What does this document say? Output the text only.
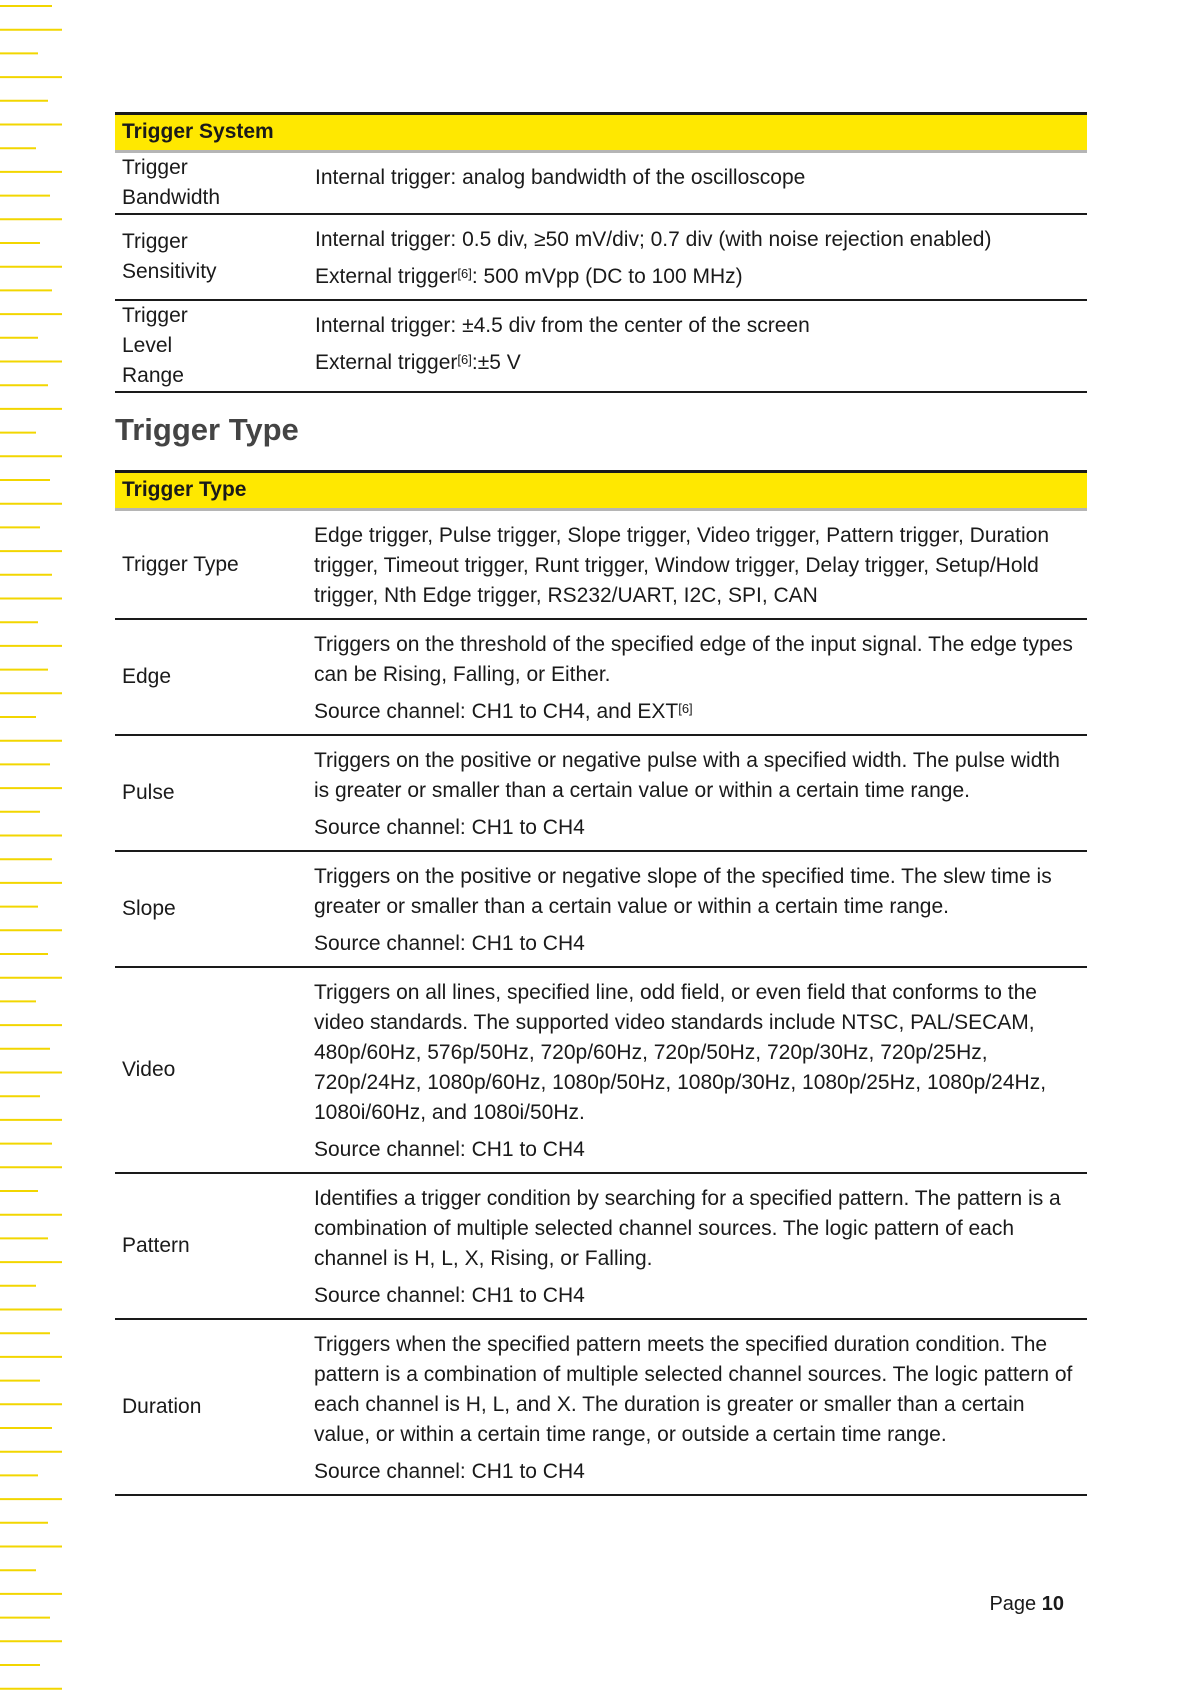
Trigger System
Trigger Bandwidth

Internal trigger: analog bandwidth of the oscilloscope

Trigger Sensitivity

Internal trigger: 0.5 div, ≥50 mV/div; 0.7 div (with noise rejection enabled)

External trigger[6]: 500 mVpp (DC to 100 MHz)

Trigger Level Range

Internal trigger: ±4.5 div from the center of the screen

External trigger[6]:±5 V

Trigger Type
Trigger Type
Trigger Type

Edge trigger, Pulse trigger, Slope trigger, Video trigger, Pattern trigger, Duration trigger, Timeout trigger, Runt trigger, Window trigger, Delay trigger, Setup/Hold trigger, Nth Edge trigger, RS232/UART, I2C, SPI, CAN

Edge

Triggers on the threshold of the specified edge of the input signal. The edge types can be Rising, Falling, or Either.

Source channel: CH1 to CH4, and EXT[6]

Pulse

Triggers on the positive or negative pulse with a specified width. The pulse width is greater or smaller than a certain value or within a certain time range.

Source channel: CH1 to CH4

Slope

Triggers on the positive or negative slope of the specified time. The slew time is greater or smaller than a certain value or within a certain time range.

Source channel: CH1 to CH4

Video

Triggers on all lines, specified line, odd field, or even field that conforms to the video standards. The supported video standards include NTSC, PAL/SECAM, 480p/60Hz, 576p/50Hz, 720p/60Hz, 720p/50Hz, 720p/30Hz, 720p/25Hz, 720p/24Hz, 1080p/60Hz, 1080p/50Hz, 1080p/30Hz, 1080p/25Hz, 1080p/24Hz, 1080i/60Hz, and 1080i/50Hz.

Source channel: CH1 to CH4

Pattern

Identifies a trigger condition by searching for a specified pattern. The pattern is a combination of multiple selected channel sources. The logic pattern of each channel is H, L, X, Rising, or Falling.

Source channel: CH1 to CH4

Duration

Triggers when the specified pattern meets the specified duration condition. The pattern is a combination of multiple selected channel sources. The logic pattern of each channel is H, L, and X. The duration is greater or smaller than a certain value, or within a certain time range, or outside a certain time range.

Source channel: CH1 to CH4

Page 10
